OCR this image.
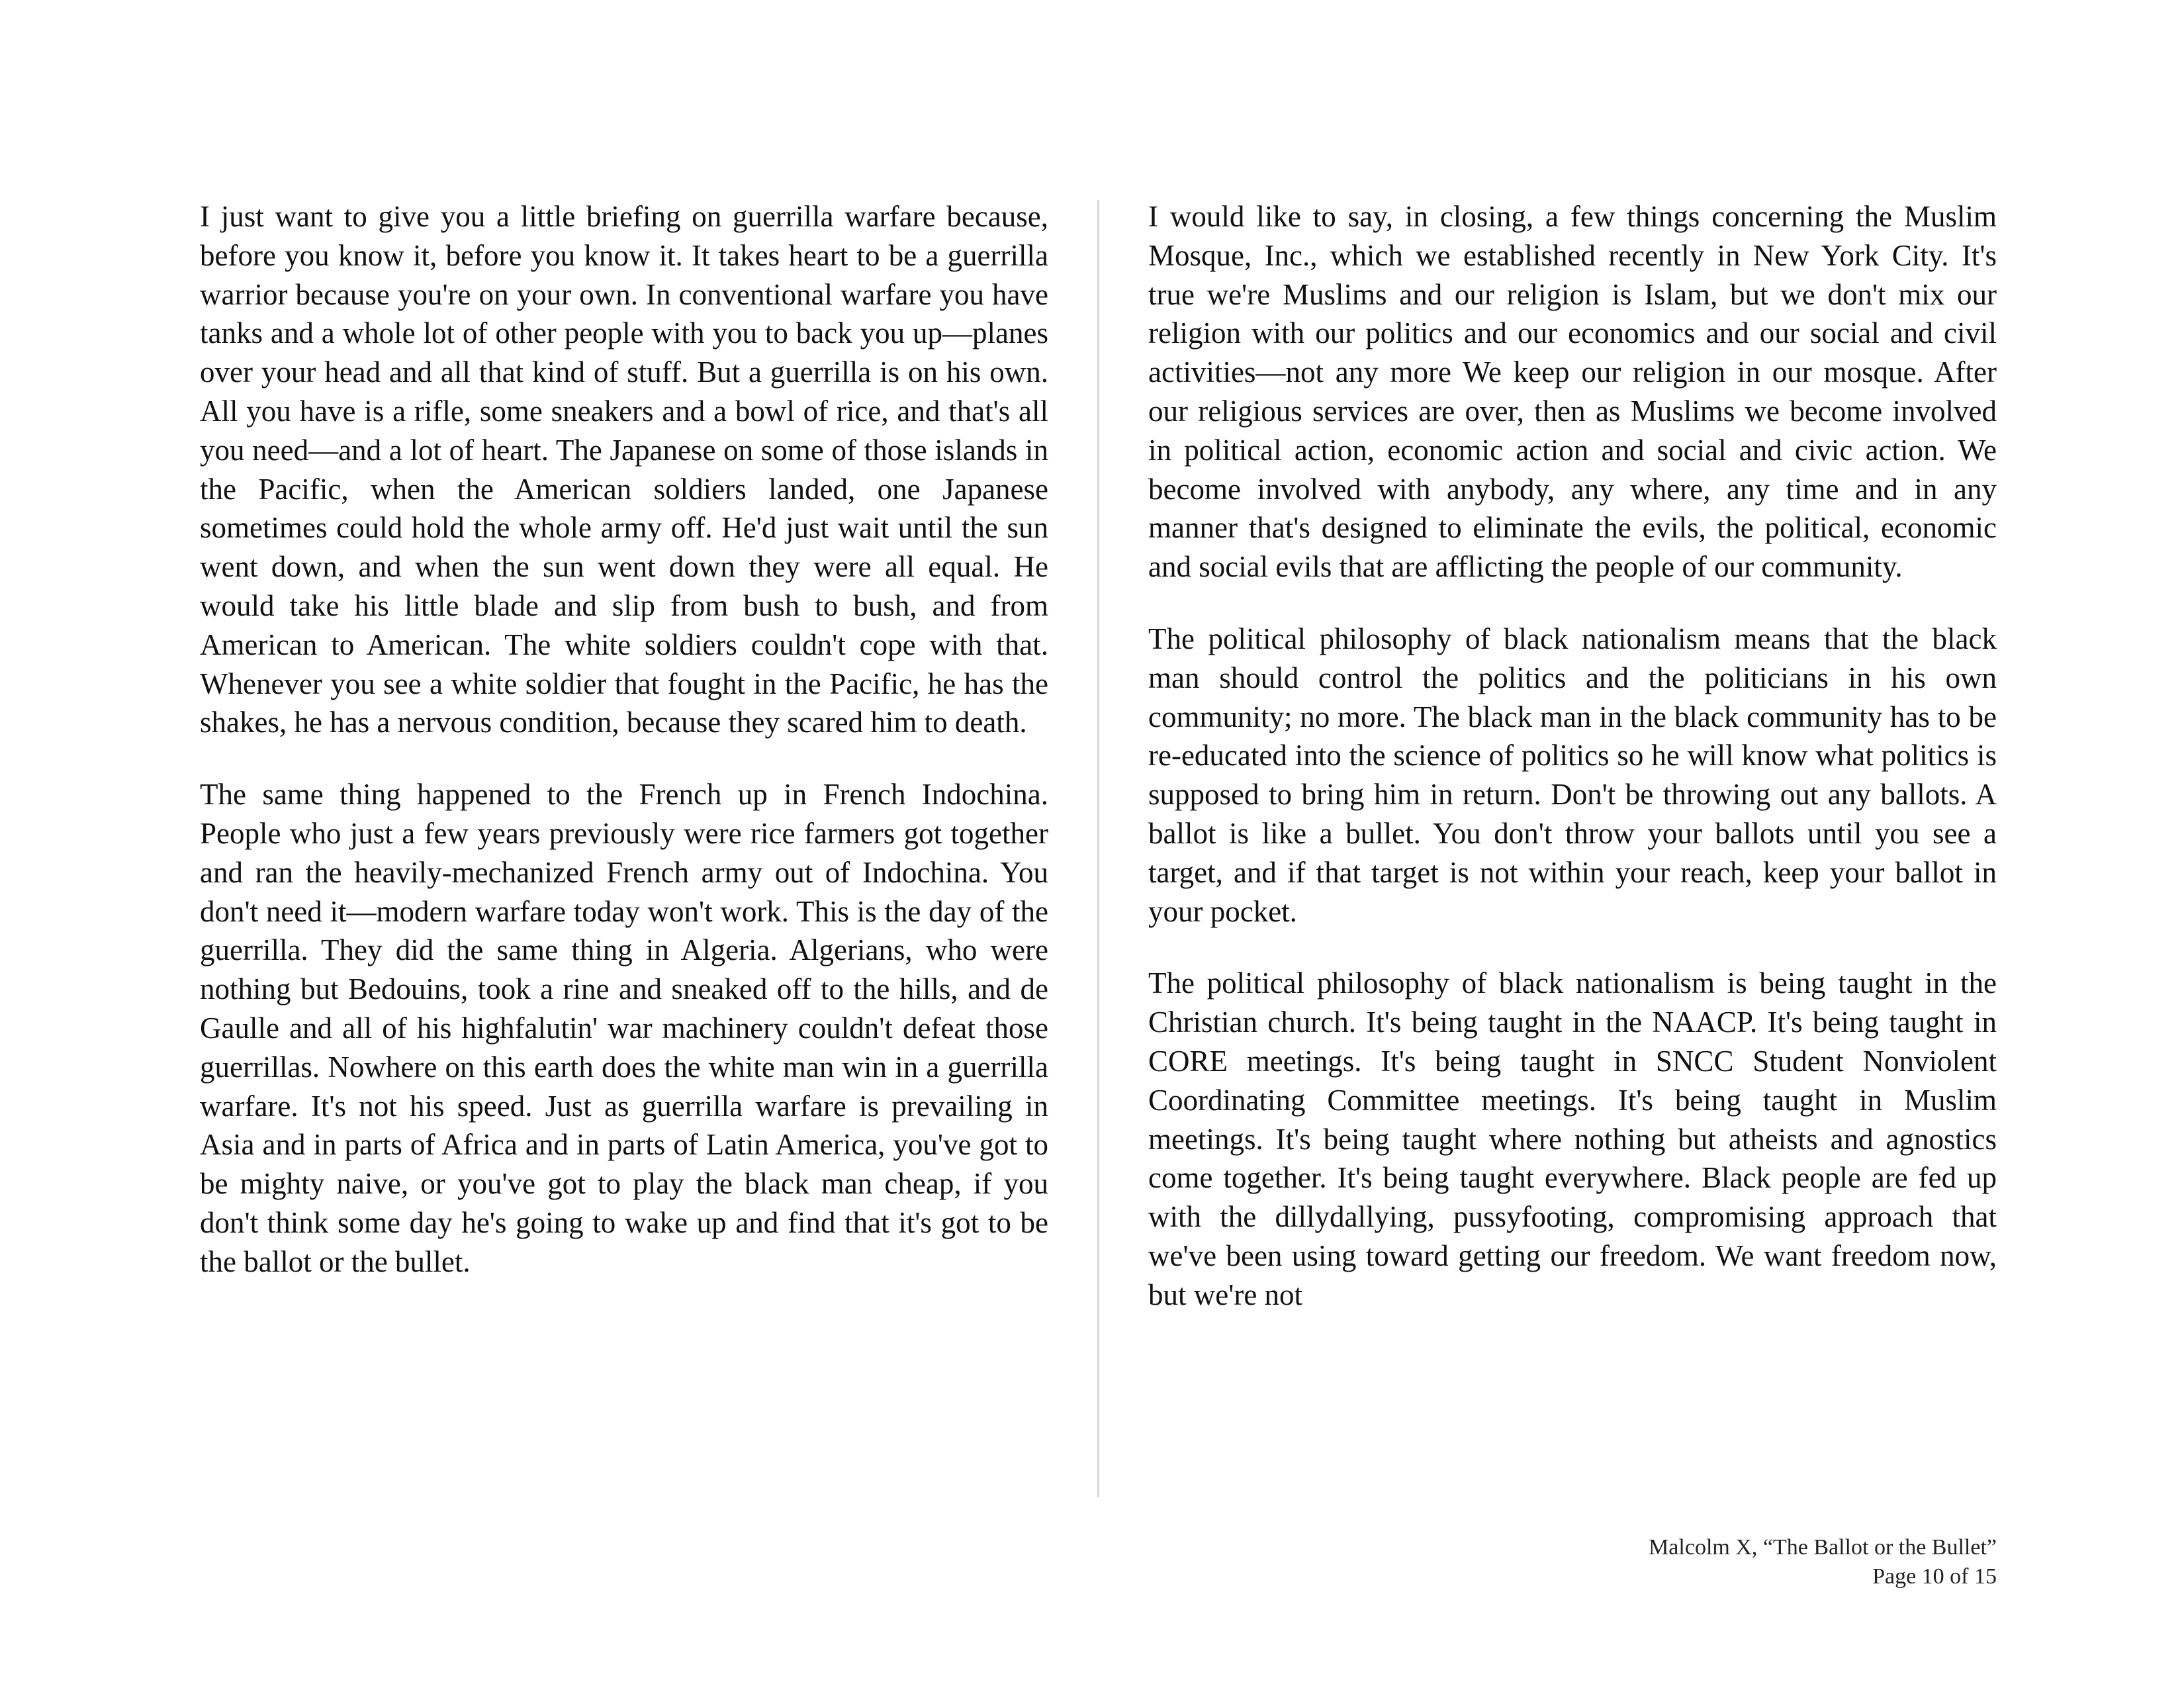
I just want to give you a little briefing on guerrilla warfare because, before you know it, before you know it. It takes heart to be a guerrilla warrior because you're on your own. In conventional warfare you have tanks and a whole lot of other people with you to back you up—planes over your head and all that kind of stuff. But a guerrilla is on his own. All you have is a rifle, some sneakers and a bowl of rice, and that's all you need—and a lot of heart. The Japanese on some of those islands in the Pacific, when the American soldiers landed, one Japanese sometimes could hold the whole army off. He'd just wait until the sun went down, and when the sun went down they were all equal. He would take his little blade and slip from bush to bush, and from American to American. The white soldiers couldn't cope with that. Whenever you see a white soldier that fought in the Pacific, he has the shakes, he has a nervous condition, because they scared him to death.

The same thing happened to the French up in French Indochina. People who just a few years previously were rice farmers got together and ran the heavily-mechanized French army out of Indochina. You don't need it—modern warfare today won't work. This is the day of the guerrilla. They did the same thing in Algeria. Algerians, who were nothing but Bedouins, took a rine and sneaked off to the hills, and de Gaulle and all of his highfalutin' war machinery couldn't defeat those guerrillas. Nowhere on this earth does the white man win in a guerrilla warfare. It's not his speed. Just as guerrilla warfare is prevailing in Asia and in parts of Africa and in parts of Latin America, you've got to be mighty naive, or you've got to play the black man cheap, if you don't think some day he's going to wake up and find that it's got to be the ballot or the bullet.

I would like to say, in closing, a few things concerning the Muslim Mosque, Inc., which we established recently in New York City. It's true we're Muslims and our religion is Islam, but we don't mix our religion with our politics and our economics and our social and civil activities—not any more We keep our religion in our mosque. After our religious services are over, then as Muslims we become involved in political action, economic action and social and civic action. We become involved with anybody, any where, any time and in any manner that's designed to eliminate the evils, the political, economic and social evils that are afflicting the people of our community.

The political philosophy of black nationalism means that the black man should control the politics and the politicians in his own community; no more. The black man in the black community has to be re-educated into the science of politics so he will know what politics is supposed to bring him in return. Don't be throwing out any ballots. A ballot is like a bullet. You don't throw your ballots until you see a target, and if that target is not within your reach, keep your ballot in your pocket.

The political philosophy of black nationalism is being taught in the Christian church. It's being taught in the NAACP. It's being taught in CORE meetings. It's being taught in SNCC Student Nonviolent Coordinating Committee meetings. It's being taught in Muslim meetings. It's being taught where nothing but atheists and agnostics come together. It's being taught everywhere. Black people are fed up with the dillydallying, pussyfooting, compromising approach that we've been using toward getting our freedom. We want freedom now, but we're not

Malcolm X, “The Ballot or the Bullet”
Page 10 of 15
